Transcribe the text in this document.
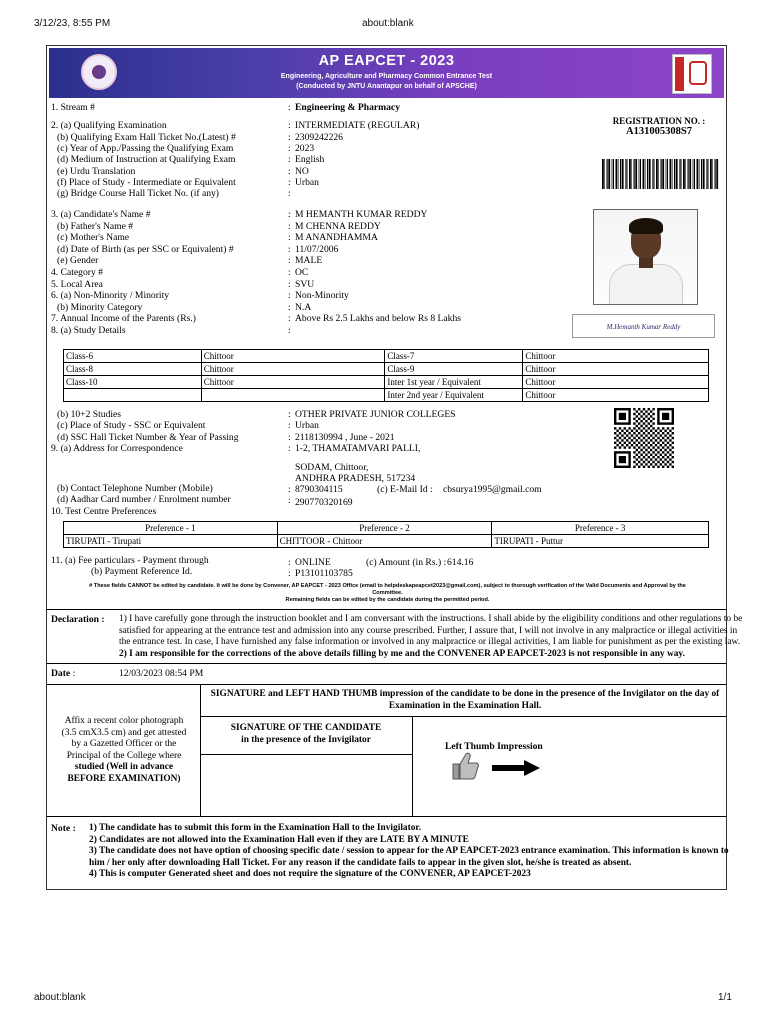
3/12/23, 8:55 PM	about:blank
about:blank	1/1
AP EAPCET - 2023
Engineering, Agriculture and Pharmacy Common Entrance Test
(Conducted by JNTU Anantapur on behalf of APSCHE)
REGISTRATION NO. :
A131005308S7
1. Stream #	: Engineering & Pharmacy
2. (a) Qualifying Examination	: INTERMEDIATE (REGULAR)
(b) Qualifying Exam Hall Ticket No.(Latest) #	: 2309242226
(c) Year of App./Passing the Qualifying Exam	: 2023
(d) Medium of Instruction at Qualifying Exam	: English
(e) Urdu Translation	: NO
(f) Place of Study - Intermediate or Equivalent	: Urban
(g) Bridge Course Hall Ticket No. (if any)	:
3. (a) Candidate's Name #	: M HEMANTH KUMAR REDDY
(b) Father's Name #	: M CHENNA REDDY
(c) Mother's Name	: M ANANDHAMMA
(d) Date of Birth (as per SSC or Equivalent) #	: 11/07/2006
(e) Gender	: MALE
4. Category #	: OC
5. Local Area	: SVU
6. (a) Non-Minority / Minority	: Non-Minority
(b) Minority Category	: N.A
7. Annual Income of the Parents (Rs.)	: Above Rs 2.5 Lakhs and below Rs 8 Lakhs
8. (a) Study Details	:	M.Hemanth Kumar Reddy
Class-6	Chittoor	Class-7	Chittoor
Class-8	Chittoor	Class-9	Chittoor
Class-10	Chittoor	Inter 1st year / Equivalent	Chittoor
		Inter 2nd year / Equivalent	Chittoor
(b) 10+2 Studies	: OTHER PRIVATE JUNIOR COLLEGES
(c) Place of Study - SSC or Equivalent	: Urban
(d) SSC Hall Ticket Number & Year of Passing	: 2118130994 , June - 2021
9. (a) Address for Correspondence	: 1-2, THAMATAMVARI PALLI,
SODAM, Chittoor,
ANDHRA PRADESH, 517234
(b) Contact Telephone Number (Mobile)	: 8790304115	(c) E-Mail Id : cbsurya1995@gmail.com
(d) Aadhar Card number / Enrolment number	: 290770320169
10. Test Centre Preferences
Preference - 1	Preference - 2	Preference - 3
TIRUPATI - Tirupati	CHITTOOR - Chittoor	TIRUPATI - Puttur
11. (a) Fee particulars - Payment through	: ONLINE	(c) Amount (in Rs.) : 614.16
(b) Payment Reference Id.	: P13101103785
# These fields CANNOT be edited by candidate. It will be done by Convener, AP EAPCET - 2023 Office (email to helpdeskapeapcet2023@gmail.com), subject to thorough verification of the Valid Documents and Approval by the
Committee.
Remaining fields can be edited by the candidate during the permitted period.
Declaration : 1) I have carefully gone through the instruction booklet and I am conversant with the instructions. I shall abide by the eligibility conditions and other regulations to be
satisfied for appearing at the entrance test and admission into any course prescribed. Further, I assure that, I will not involve in any malpractice or illegal activities in
the entrance test. In case, I have furnished any false information or involved in any malpractice or illegal activities, I am liable for punishment as per the existing law.
2) I am responsible for the corrections of the above details filling by me and the CONVENER AP EAPCET-2023 is not responsible in any way.
Date :	12/03/2023 08:54 PM
SIGNATURE and LEFT HAND THUMB impression of the candidate to be done in the presence of the Invigilator on the day of
Examination in the Examination Hall.
Affix a recent color photograph
(3.5 cmX3.5 cm) and get attested
by a Gazetted Officer or the
Principal of the College where
studied (Well in advance
BEFORE EXAMINATION)
SIGNATURE OF THE CANDIDATE
in the presence of the Invigilator
Left Thumb Impression
Note : 1) The candidate has to submit this form in the Examination Hall to the Invigilator.
2) Candidates are not allowed into the Examination Hall even if they are LATE BY A MINUTE
3) The candidate does not have option of choosing specific date / session to appear for the AP EAPCET-2023 entrance examination. This information is known to
him / her only after downloading Hall Ticket. For any reason if the candidate fails to appear in the given slot, he/she is treated as absent.
4) This is computer Generated sheet and does not require the signature of the CONVENER, AP EAPCET-2023
